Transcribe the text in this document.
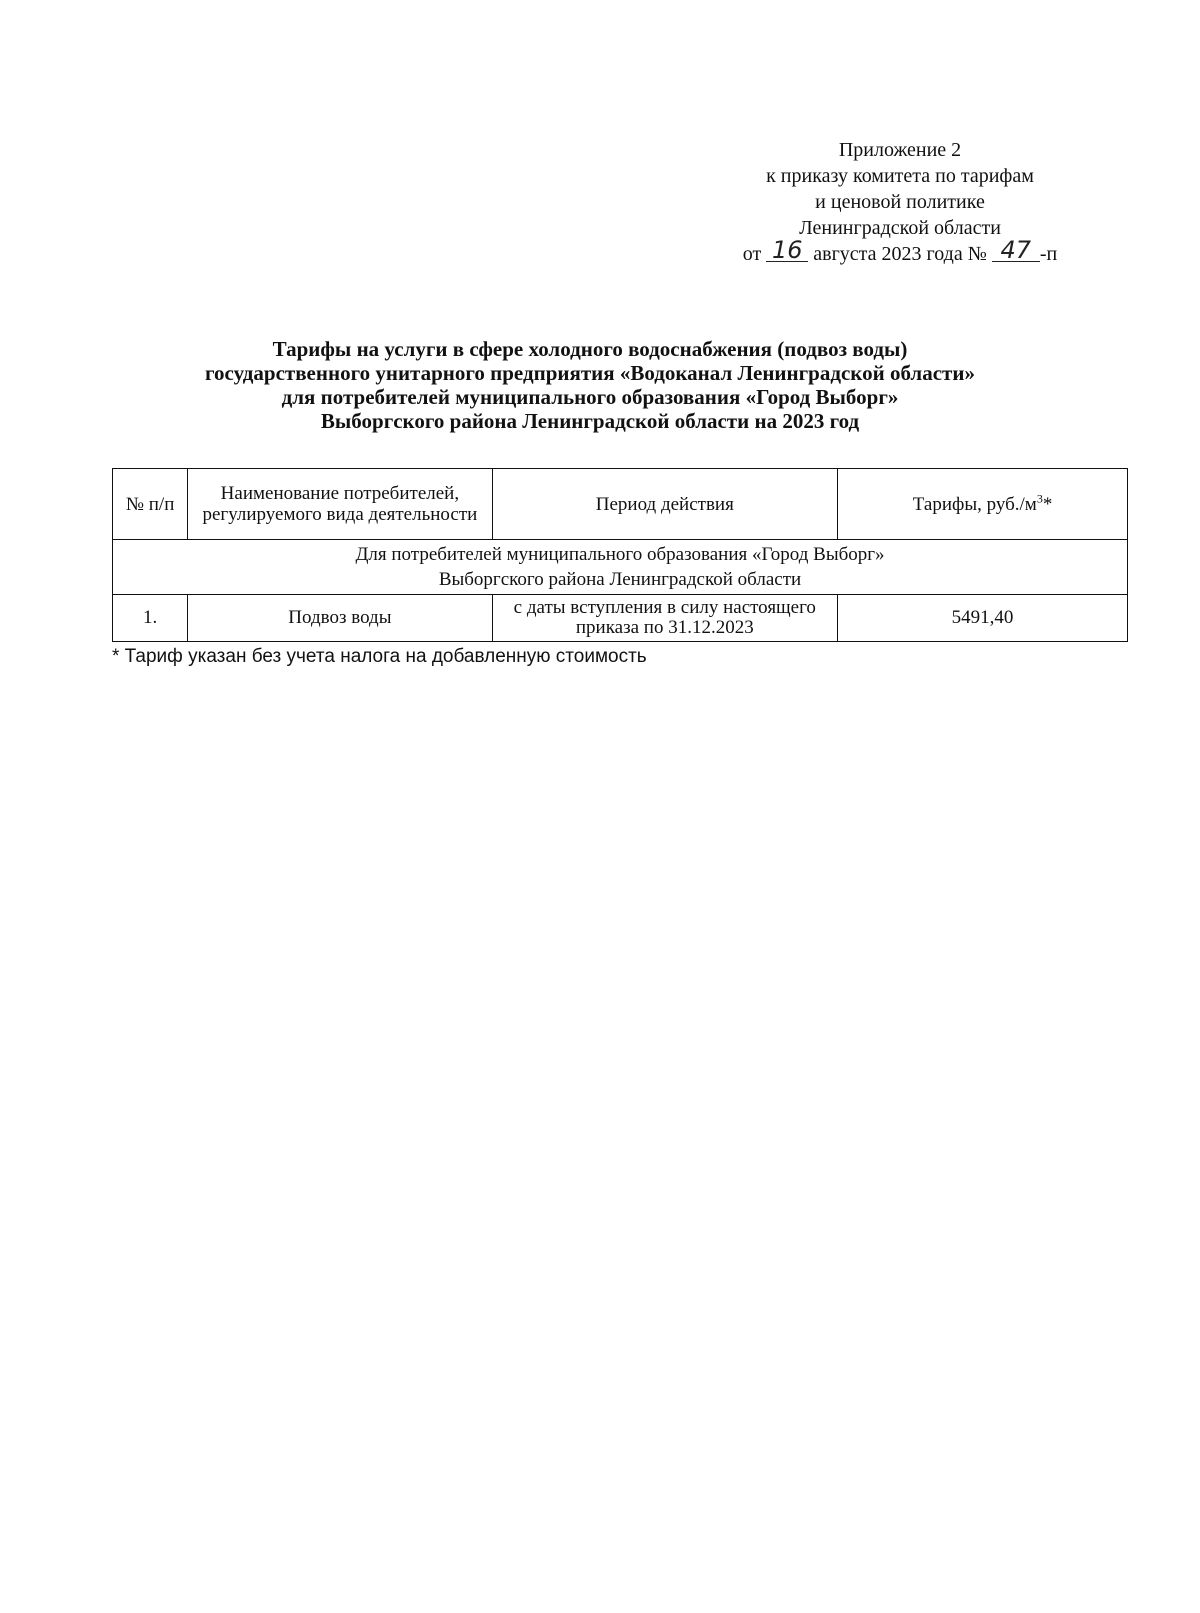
Приложение 2
к приказу комитета по тарифам
и ценовой политике
Ленинградской области
от 16 августа 2023 года № 47 -п
Тарифы на услуги в сфере холодного водоснабжения (подвоз воды)
государственного унитарного предприятия «Водоканал Ленинградской области»
для потребителей муниципального образования «Город Выборг»
Выборгского района Ленинградской области на 2023 год
№ п/п	Наименование потребителей, регулируемого вида деятельности	Период действия	Тарифы, $руб./м^3*$
Для потребителей муниципального образования «Город Выборг»
Выборгского района Ленинградской области			
1.	Подвоз воды	с даты вступления в силу настоящего приказа по 31.12.2023	5491,40
* Тариф указан без учета налога на добавленную стоимость
